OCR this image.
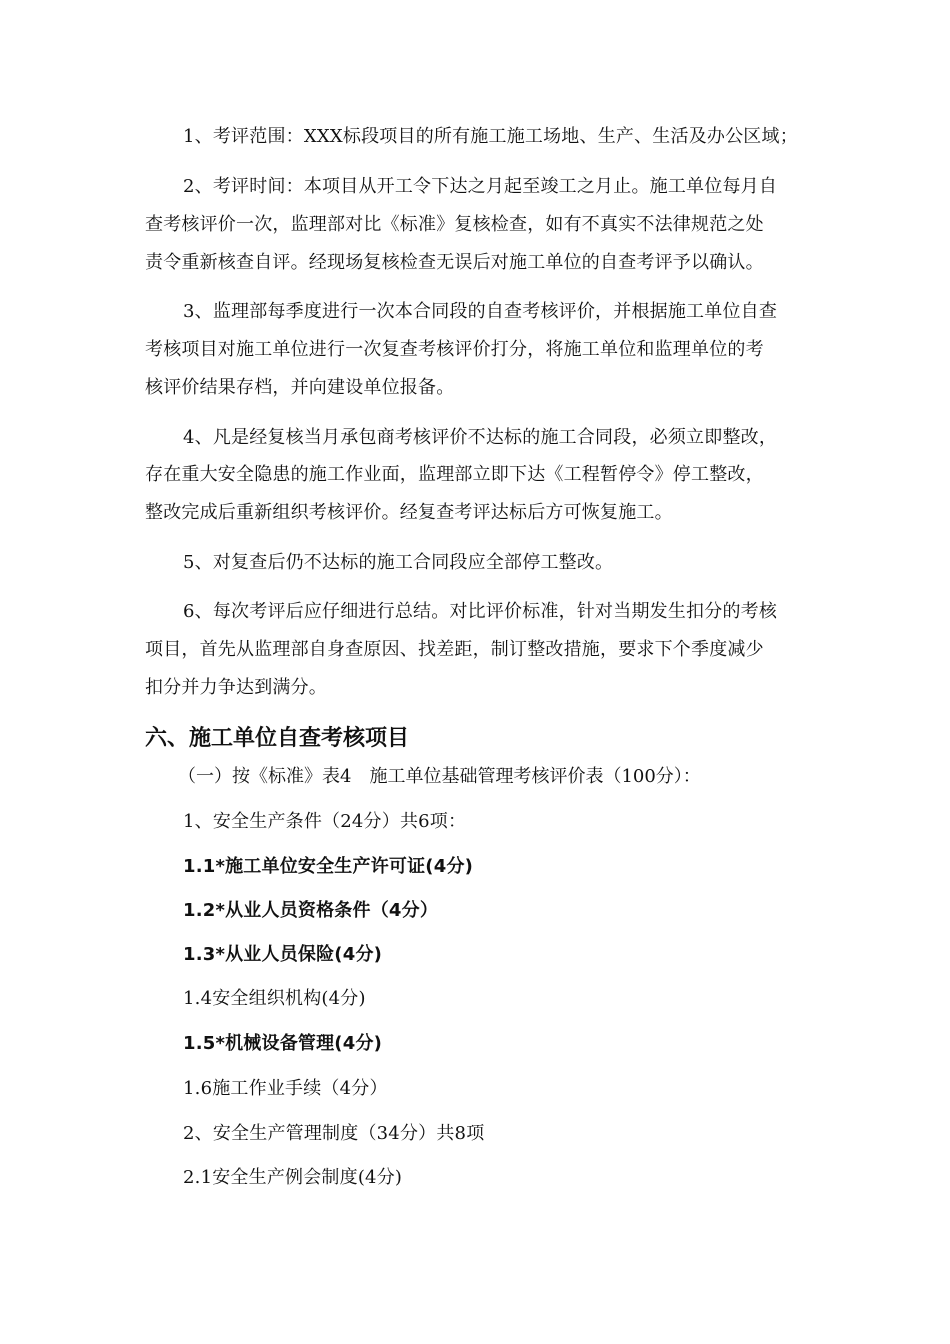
1、考评范围：XXX标段项目的所有施工施工场地、生产、生活及办公区域；
2、考评时间：本项目从开工令下达之月起至竣工之月止。施工单位每月自
查考核评价一次，监理部对比《标准》复核检查，如有不真实不法律规范之处
责令重新核查自评。经现场复核检查无误后对施工单位的自查考评予以确认。
3、监理部每季度进行一次本合同段的自查考核评价，并根据施工单位自查
考核项目对施工单位进行一次复查考核评价打分，将施工单位和监理单位的考
核评价结果存档，并向建设单位报备。
4、凡是经复核当月承包商考核评价不达标的施工合同段，必须立即整改，
存在重大安全隐患的施工作业面，监理部立即下达《工程暂停令》停工整改，
整改完成后重新组织考核评价。经复查考评达标后方可恢复施工。
5、对复查后仍不达标的施工合同段应全部停工整改。
6、每次考评后应仔细进行总结。对比评价标准，针对当期发生扣分的考核
项目，首先从监理部自身查原因、找差距，制订整改措施，要求下个季度减少
扣分并力争达到满分。
六、施工单位自查考核项目
（一）按《标准》表4　施工单位基础管理考核评价表（100分）：
1、安全生产条件（24分）共6项：
1.1*施工单位安全生产许可证(4分)
1.2*从业人员资格条件（4分）
1.3*从业人员保险(4分)
1.4安全组织机构(4分)
1.5*机械设备管理(4分)
1.6施工作业手续（4分）
2、安全生产管理制度（34分）共8项
2.1安全生产例会制度(4分)
